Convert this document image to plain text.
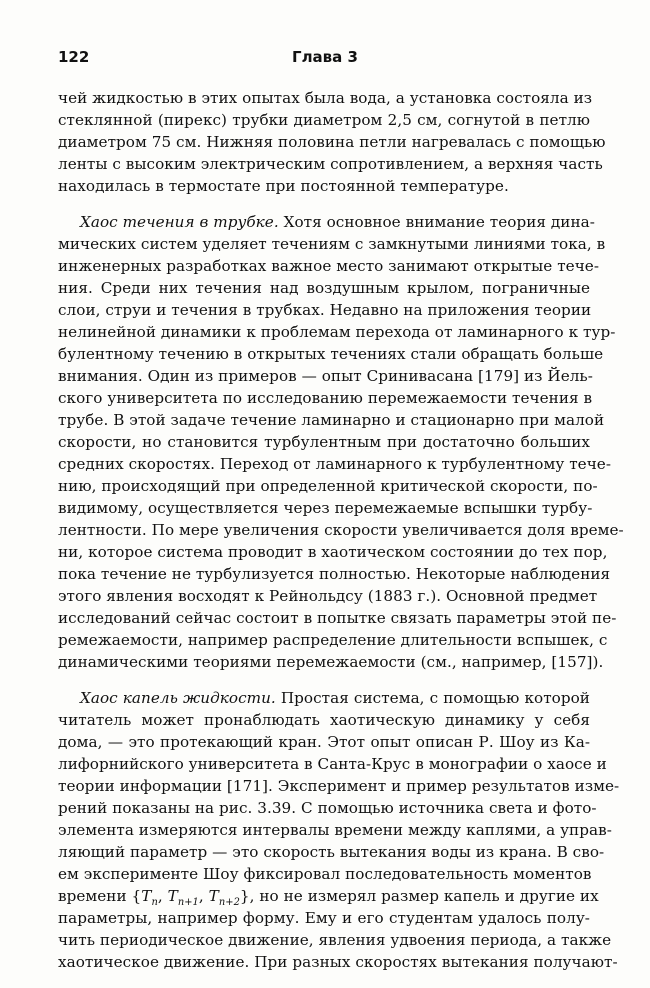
122	Глава 3
чей жидкостью в этих опытах была вода, а установка состояла из
стеклянной (пирекс) трубки диаметром 2,5 см, согнутой в петлю
диаметром 75 см. Нижняя половина петли нагревалась с помощью
ленты с высоким электрическим сопротивлением, а верхняя часть
находилась в термостате при постоянной температуре.
Хаос течения в трубке. Хотя основное внимание теория дина-
мических систем уделяет течениям с замкнутыми линиями тока, в
инженерных разработках важное место занимают открытые тече-
ния. Среди них течения над воздушным крылом, пограничные
слои, струи и течения в трубках. Недавно на приложения теории
нелинейной динамики к проблемам перехода от ламинарного к тур-
булентному течению в открытых течениях стали обращать больше
внимания. Один из примеров — опыт Сринивасана [179] из Йель-
ского университета по исследованию перемежаемости течения в
трубе. В этой задаче течение ламинарно и стационарно при малой
скорости, но становится турбулентным при достаточно больших
средних скоростях. Переход от ламинарного к турбулентному тече-
нию, происходящий при определенной критической скорости, по-
видимому, осуществляется через перемежаемые вспышки турбу-
лентности. По мере увеличения скорости увеличивается доля време-
ни, которое система проводит в хаотическом состоянии до тех пор,
пока течение не турбулизуется полностью. Некоторые наблюдения
этого явления восходят к Рейнольдсу (1883 г.). Основной предмет
исследований сейчас состоит в попытке связать параметры этой пе-
ремежаемости, например распределение длительности вспышек, с
динамическими теориями перемежаемости (см., например, [157]).
Хаос капель жидкости. Простая система, с помощью которой
читатель может пронаблюдать хаотическую динамику у себя
дома, — это протекающий кран. Этот опыт описан Р. Шоу из Ка-
лифорнийского университета в Санта-Крус в монографии о хаосе и
теории информации [171]. Эксперимент и пример результатов изме-
рений показаны на рис. 3.39. С помощью источника света и фото-
элемента измеряются интервалы времени между каплями, а управ-
ляющий параметр — это скорость вытекания воды из крана. В сво-
ем эксперименте Шоу фиксировал последовательность моментов
времени {$T_n$, $T_{n+1}$, $T_{n+2}$}, но не измерял размер капель и другие их
параметры, например форму. Ему и его студентам удалось полу-
чить периодическое движение, явления удвоения периода, а также
хаотическое движение. При разных скоростях вытекания получают-
